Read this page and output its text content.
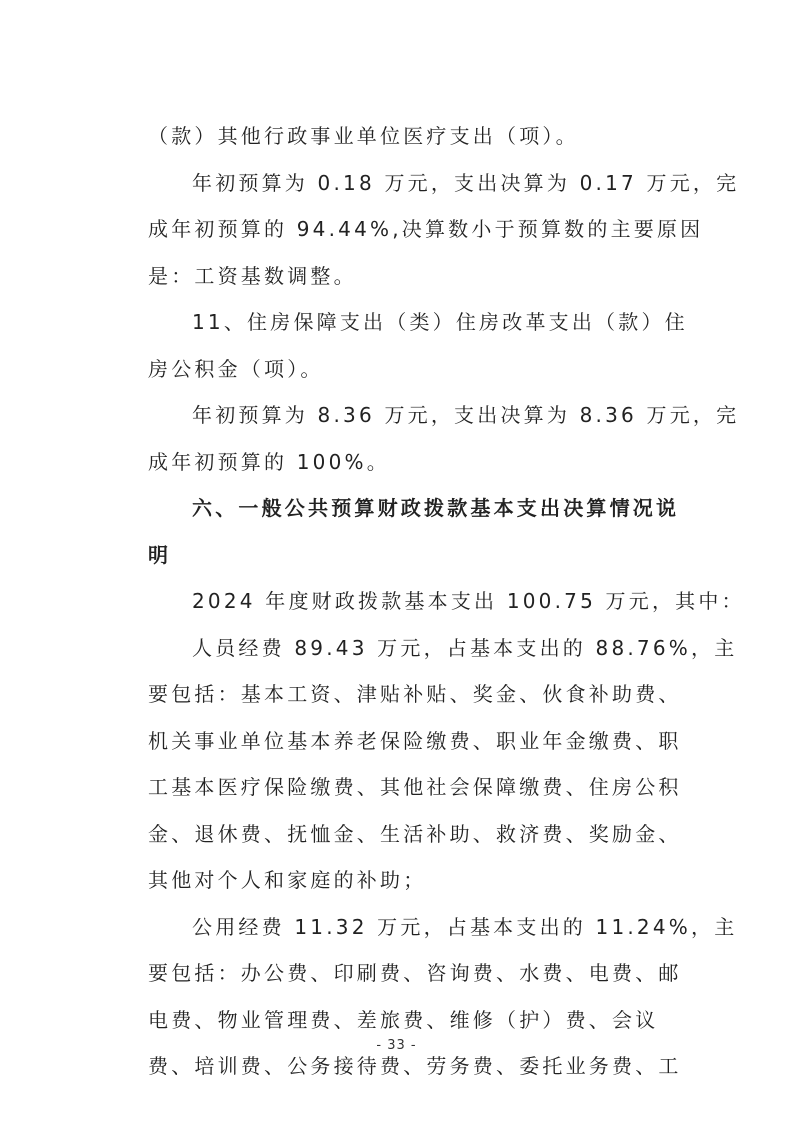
（款）其他行政事业单位医疗支出（项）。
年初预算为 0.18 万元，支出决算为 0.17 万元，完
成年初预算的 94.44%,决算数小于预算数的主要原因
是：工资基数调整。
11、住房保障支出（类）住房改革支出（款）住
房公积金（项）。
年初预算为 8.36 万元，支出决算为 8.36 万元，完
成年初预算的 100%。
六、一般公共预算财政拨款基本支出决算情况说
明
2024 年度财政拨款基本支出 100.75 万元，其中：
人员经费 89.43 万元，占基本支出的 88.76%，主
要包括：基本工资、津贴补贴、奖金、伙食补助费、
机关事业单位基本养老保险缴费、职业年金缴费、职
工基本医疗保险缴费、其他社会保障缴费、住房公积
金、退休费、抚恤金、生活补助、救济费、奖励金、
其他对个人和家庭的补助；
公用经费 11.32 万元，占基本支出的 11.24%，主
要包括：办公费、印刷费、咨询费、水费、电费、邮
电费、物业管理费、差旅费、维修（护）费、会议
费、培训费、公务接待费、劳务费、委托业务费、工
- 33 -
